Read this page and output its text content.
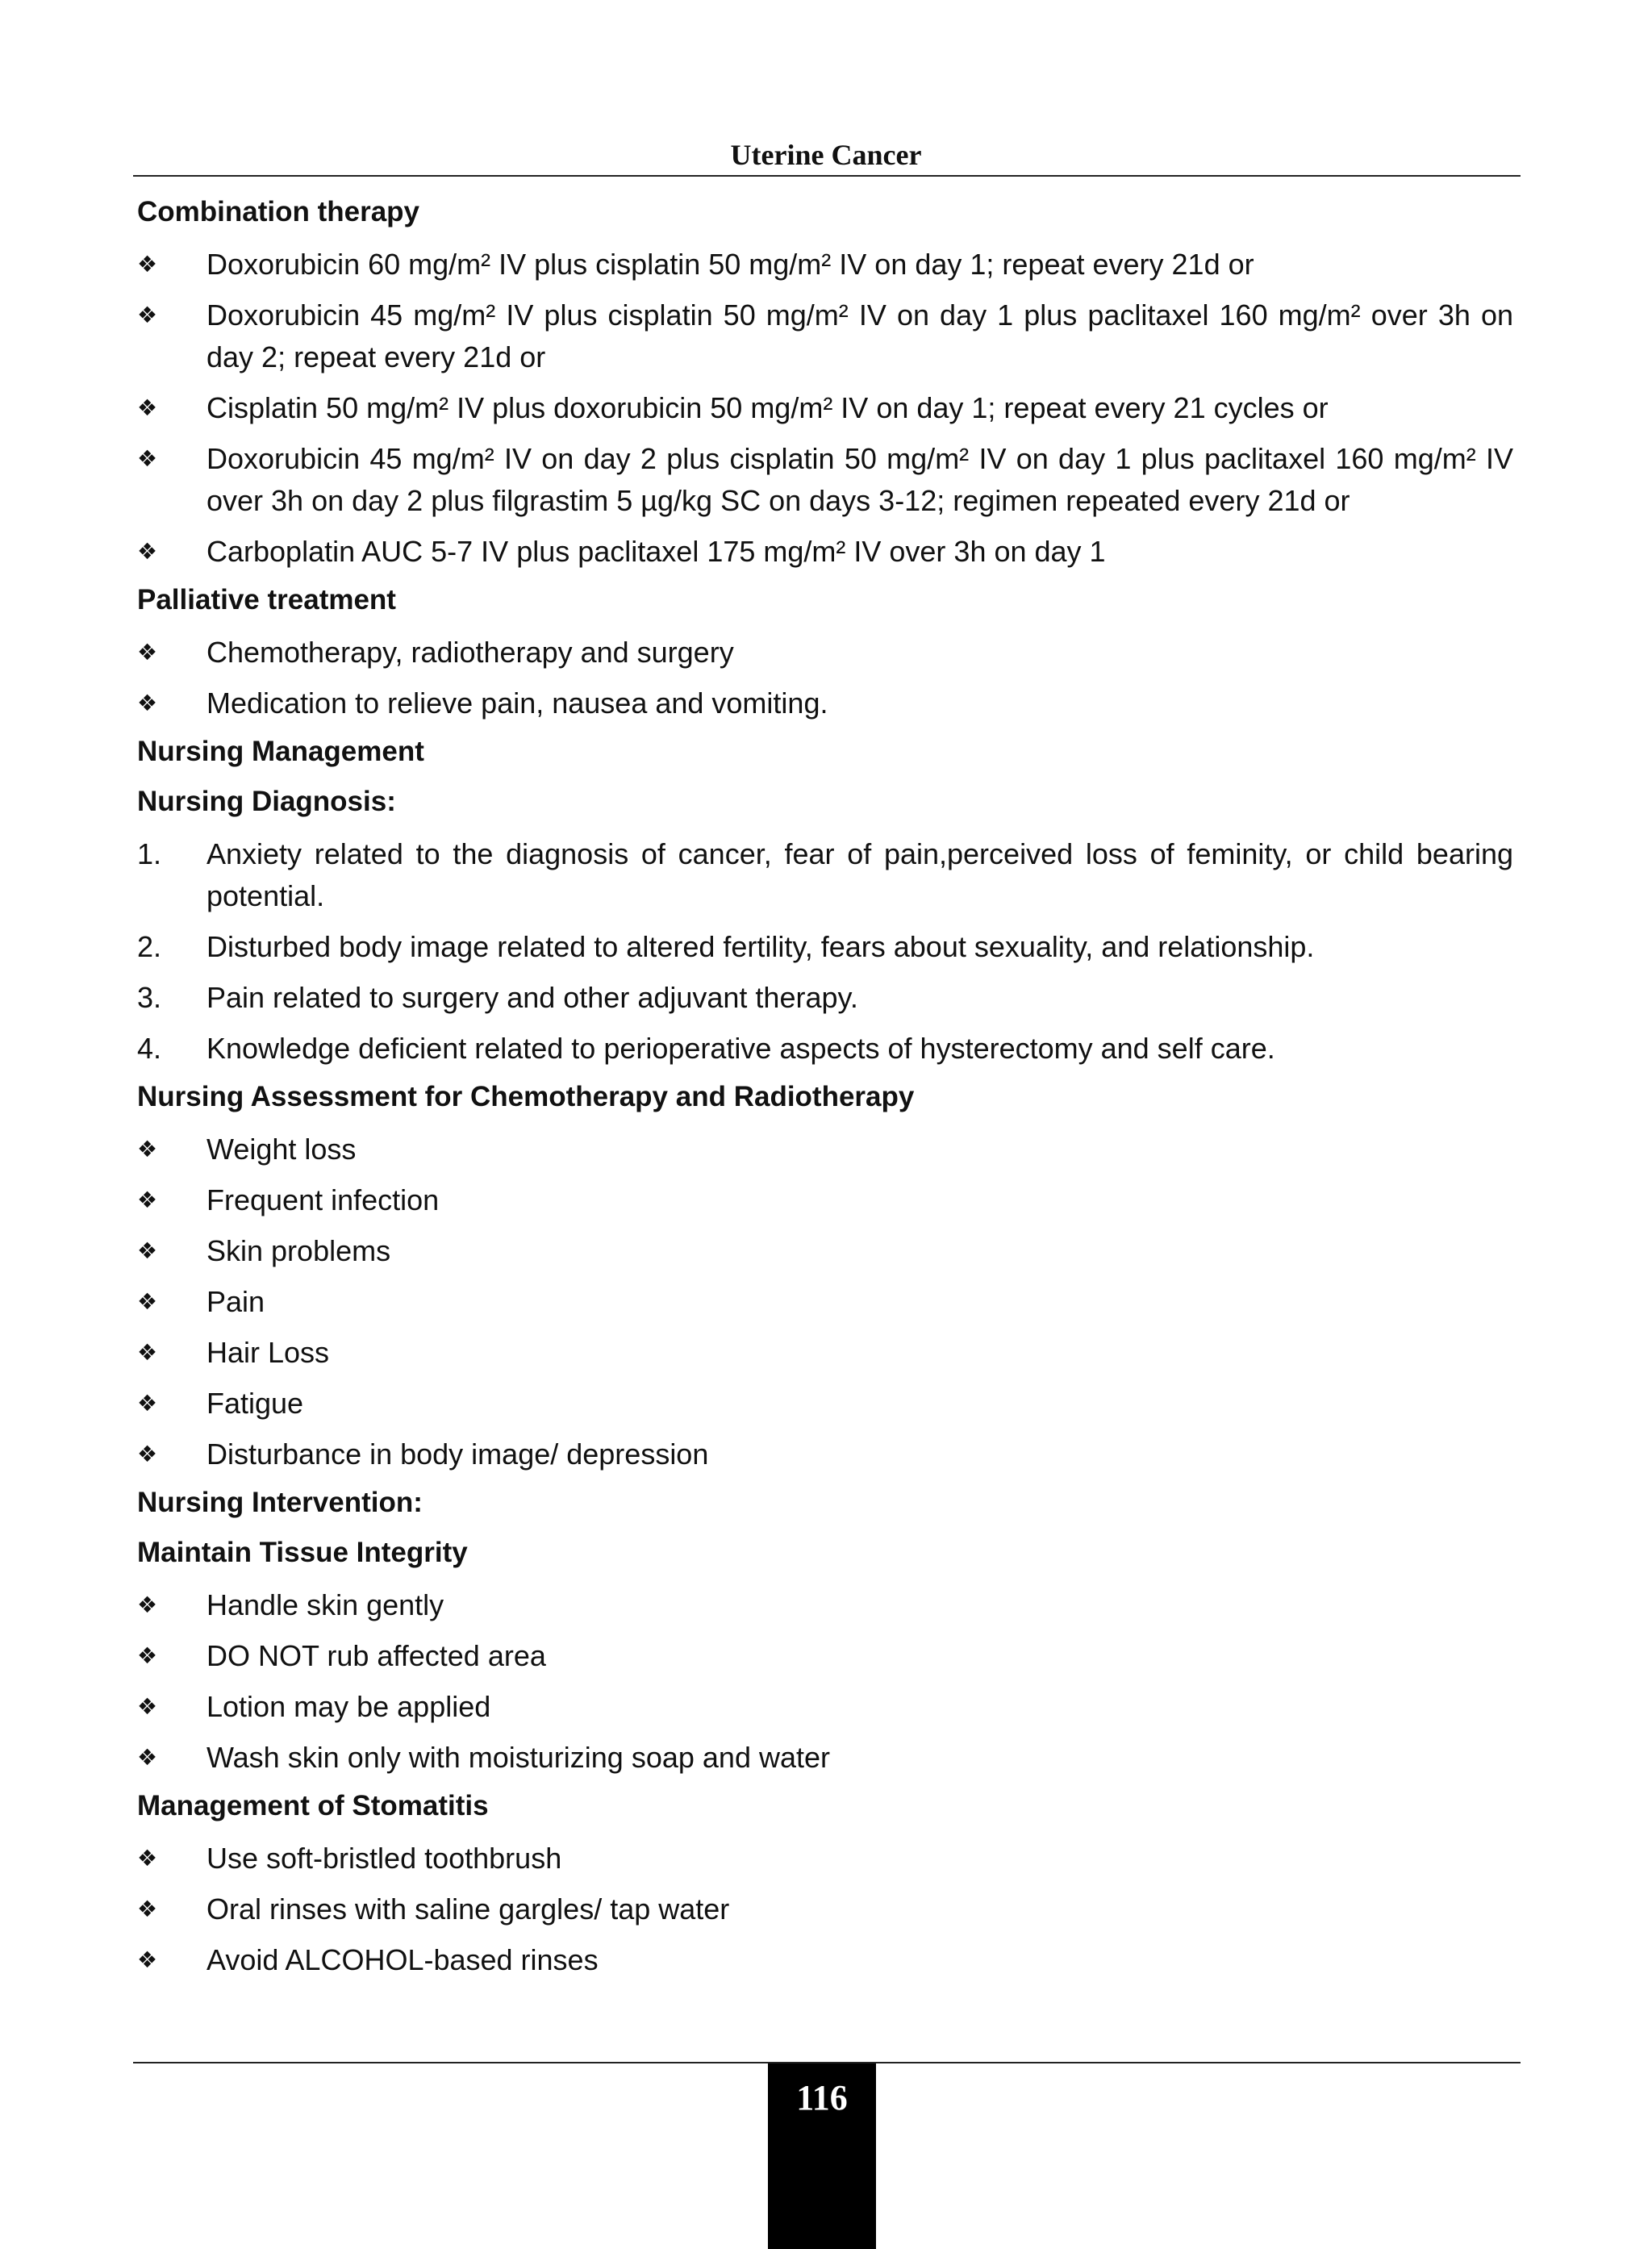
Uterine Cancer
Combination therapy
❖ Doxorubicin 60 mg/m² IV plus cisplatin 50 mg/m² IV on day 1; repeat every 21d or
❖ Doxorubicin 45 mg/m² IV plus cisplatin 50 mg/m² IV on day 1 plus paclitaxel 160 mg/m² over 3h on day 2; repeat every 21d or
❖ Cisplatin 50 mg/m² IV plus doxorubicin 50 mg/m² IV on day 1; repeat every 21 cycles or
❖ Doxorubicin 45 mg/m² IV on day 2 plus cisplatin 50 mg/m² IV on day 1 plus paclitaxel 160 mg/m² IV over 3h on day 2 plus filgrastim 5 µg/kg SC on days 3-12; regimen repeated every 21d or
❖ Carboplatin AUC 5-7 IV plus paclitaxel 175 mg/m² IV over 3h on day 1
Palliative treatment
❖ Chemotherapy, radiotherapy and surgery
❖ Medication to relieve pain, nausea and vomiting.
Nursing Management
Nursing Diagnosis:
1. Anxiety related to the diagnosis of cancer, fear of pain,perceived loss of feminity, or child bearing potential.
2. Disturbed body image related to altered fertility, fears about sexuality, and relationship.
3. Pain related to surgery and other adjuvant therapy.
4. Knowledge deficient related to perioperative aspects of hysterectomy and self care.
Nursing Assessment for Chemotherapy and Radiotherapy
❖ Weight loss
❖ Frequent infection
❖ Skin problems
❖ Pain
❖ Hair Loss
❖ Fatigue
❖ Disturbance in body image/ depression
Nursing Intervention:
Maintain Tissue Integrity
❖ Handle skin gently
❖ DO NOT rub affected area
❖ Lotion may be applied
❖ Wash skin only with moisturizing soap and water
Management of Stomatitis
❖ Use soft-bristled toothbrush
❖ Oral rinses with saline gargles/ tap water
❖ Avoid ALCOHOL-based rinses
116
